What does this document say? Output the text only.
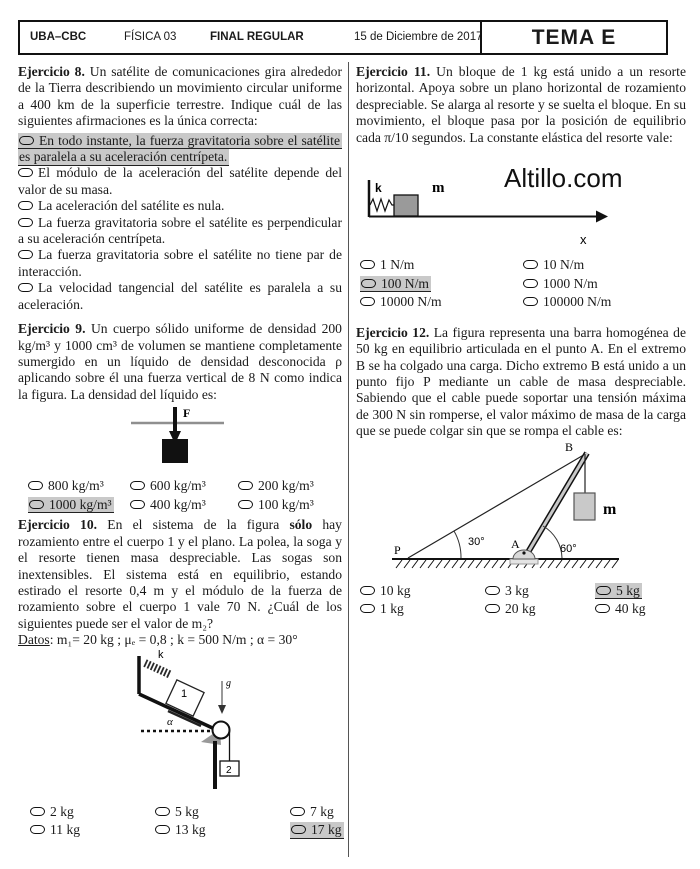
UBA–CBC	FÍSICA 03	FINAL REGULAR	15 de Diciembre de 2017	TEMA E
Altillo.com

Ejercicio 8. Un satélite de comunicaciones gira alrededor de la Tierra describiendo un movimiento circular uniforme a 400 km de la superficie terrestre. Indique cuál de las siguientes afirmaciones es la única correcta:

En todo instante, la fuerza gravitatoria sobre el satélite es paralela a su aceleración centrípeta.

El módulo de la aceleración del satélite depende del valor de su masa.

La aceleración del satélite es nula.

La fuerza gravitatoria sobre el satélite es perpendicular a su aceleración centrípeta.

La fuerza gravitatoria sobre el satélite no tiene par de interacción.

La velocidad tangencial del satélite es paralela a su aceleración.

Ejercicio 9. Un cuerpo sólido uniforme de densidad 200 kg/m³ y 1000 cm³ de volumen se mantiene completamente sumergido en un líquido de densidad desconocida ρ aplicando sobre él una fuerza vertical de 8 N como indica la figura. La densidad del líquido es:

F
800 kg/m³	600 kg/m³	200 kg/m³
1000 kg/m³	400 kg/m³	100 kg/m³

Ejercicio 10. En el sistema de la figura sólo hay rozamiento entre el cuerpo 1 y el plano. La polea, la soga y el resorte tienen masa despreciable. Las sogas son inextensibles. El sistema está en equilibrio, estando estirado el resorte 0,4 m y el módulo de la fuerza de rozamiento sobre el cuerpo 1 vale 70 N. ¿Cuál de los siguientes puede ser el valor de m₂?

Datos: m₁= 20 kg ; μₑ = 0,8 ; k = 500 N/m ; α = 30°

k
1
α
g
2
2 kg	5 kg	7 kg
11 kg	13 kg	17 kg

Ejercicio 11. Un bloque de 1 kg está unido a un resorte horizontal. Apoya sobre un plano horizontal de rozamiento despreciable. Se alarga al resorte y se suelta el bloque. En su movimiento, el bloque pasa por la posición de equilibrio cada π/10 segundos. La constante elástica del resorte vale:

k	m
x
1 N/m	10 N/m
100 N/m	1000 N/m
10000 N/m	100000 N/m

Ejercicio 12. La figura representa una barra homogénea de 50 kg en equilibrio articulada en el punto A. En el extremo B se ha colgado una carga. Dicho extremo B está unido a un punto fijo P mediante un cable de masa despreciable. Sabiendo que el cable puede soportar una tensión máxima de 300 N sin romperse, el valor máximo de masa de la carga que se puede colgar sin que se rompa el cable es:

B
P
30° A	60°
m
10 kg	3 kg	5 kg
1 kg	20 kg	40 kg
